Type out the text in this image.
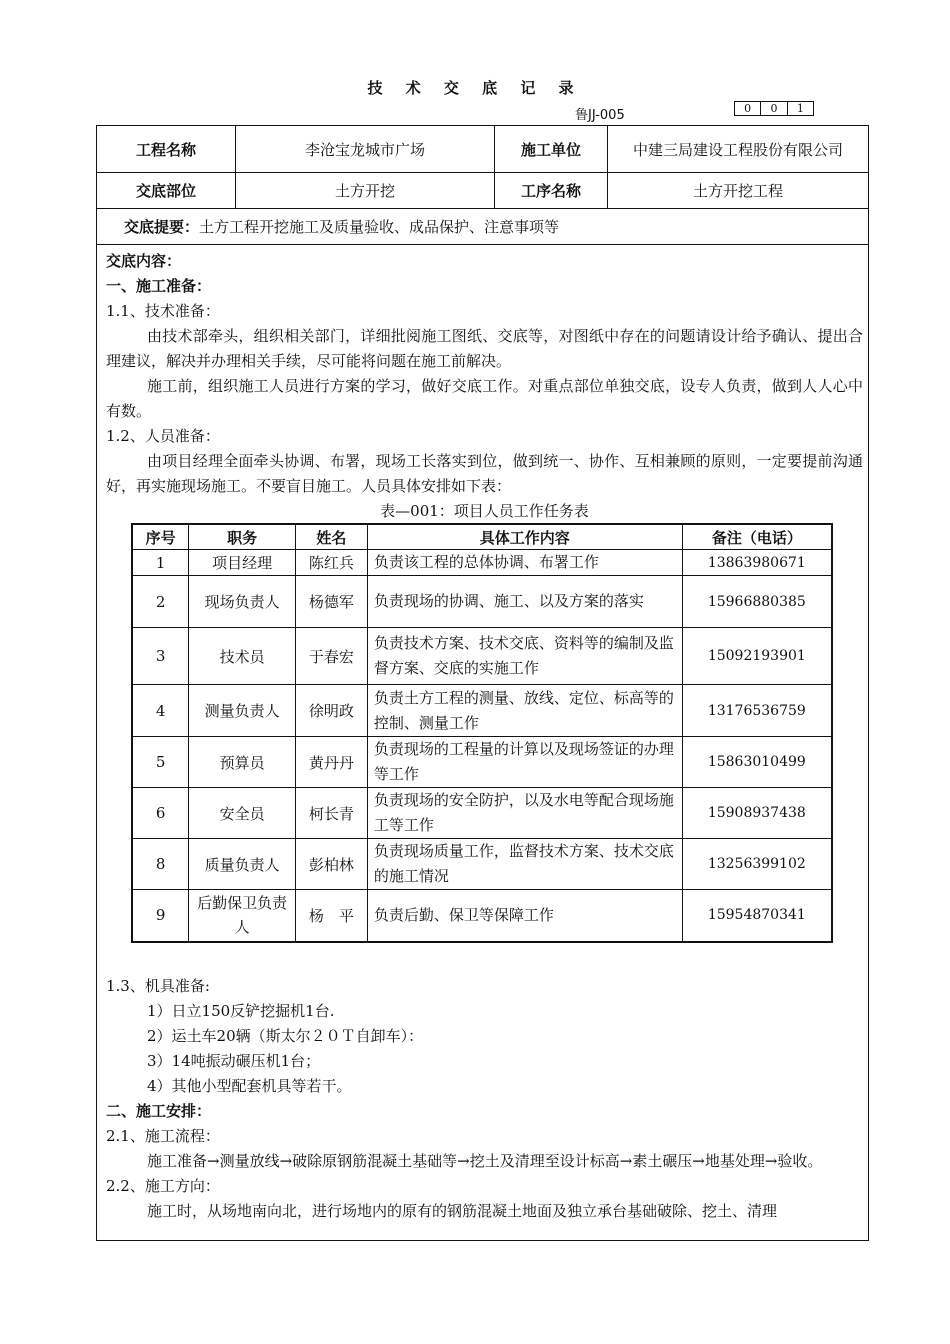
技 术 交 底 记 录
鲁JJ-005	0	0	1
工程名称	李沧宝龙城市广场	施工单位	中建三局建设工程股份有限公司
交底部位	土方开挖	工序名称	土方开挖工程
交底提要： 土方工程开挖施工及质量验收、成品保护、注意事项等

交底内容：

一、施工准备：

1.1、技术准备：

由技术部牵头，组织相关部门，详细批阅施工图纸、交底等，对图纸中存在的问题请设计给予确认、提出合理建议，解决并办理相关手续，尽可能将问题在施工前解决。

施工前，组织施工人员进行方案的学习，做好交底工作。对重点部位单独交底，设专人负责，做到人人心中有数。

1.2、人员准备：

由项目经理全面牵头协调、布署，现场工长落实到位，做到统一、协作、互相兼顾的原则，一定要提前沟通好，再实施现场施工。不要盲目施工。人员具体安排如下表：

表—001：项目人员工作任务表

1.3、机具准备:

1）日立150反铲挖掘机1台.

2）运土车20辆（斯太尔２０Ｔ自卸车）：

3）14吨振动碾压机1台；

4）其他小型配套机具等若干。

二、施工安排：

2.1、施工流程：

施工准备→测量放线→破除原钢筋混凝土基础等→挖土及清理至设计标高→素土碾压→地基处理→验收。

2.2、施工方向：

施工时，从场地南向北，进行场地内的原有的钢筋混凝土地面及独立承台基础破除、挖土、清理

序号	职务	姓名	具体工作内容	备注（电话）
1	项目经理	陈红兵	负责该工程的总体协调、布署工作	13863980671
2	现场负责人	杨德军	负责现场的协调、施工、以及方案的落实	15966880385
3	技术员	于春宏	负责技术方案、技术交底、资料等的编制及监督方案、交底的实施工作	15092193901
4	测量负责人	徐明政	负责土方工程的测量、放线、定位、标高等的控制、测量工作	13176536759
5	预算员	黄丹丹	负责现场的工程量的计算以及现场签证的办理等工作	15863010499
6	安全员	柯长青	负责现场的安全防护，以及水电等配合现场施工等工作	15908937438
8	质量负责人	彭柏林	负责现场质量工作，监督技术方案、技术交底的施工情况	13256399102
9	后勤保卫负责人	杨　平	负责后勤、保卫等保障工作	15954870341
